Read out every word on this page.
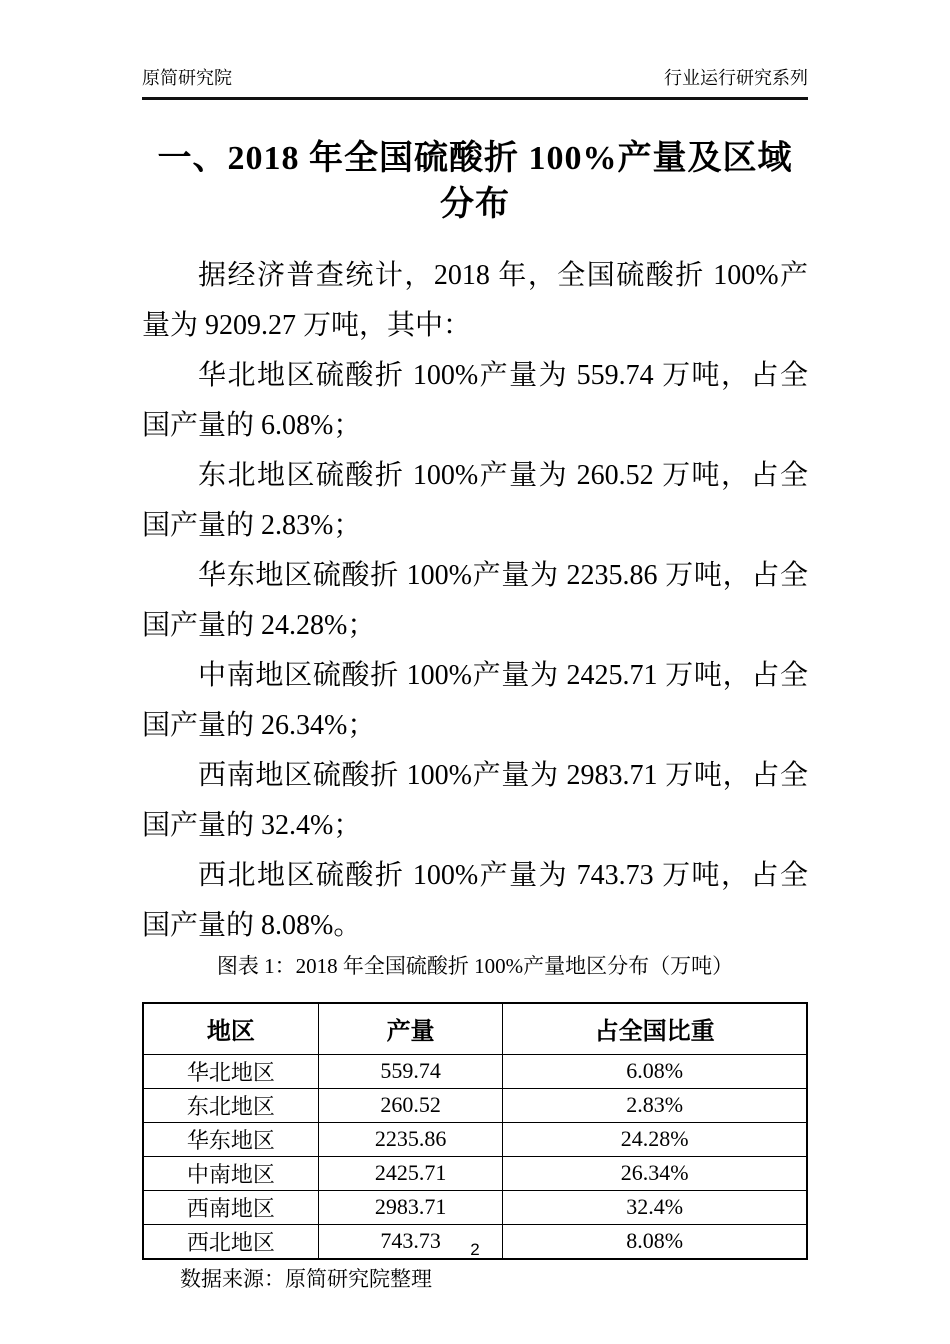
原简研究院	行业运行研究系列
一、2018 年全国硫酸折 100%产量及区域分布

据经济普查统计，2018 年，全国硫酸折 100%产量为 9209.27 万吨，其中：

华北地区硫酸折 100%产量为 559.74 万吨，占全国产量的 6.08%；

东北地区硫酸折 100%产量为 260.52 万吨，占全国产量的 2.83%；

华东地区硫酸折 100%产量为 2235.86 万吨，占全国产量的 24.28%；

中南地区硫酸折 100%产量为 2425.71 万吨，占全国产量的 26.34%；

西南地区硫酸折 100%产量为 2983.71 万吨，占全国产量的 32.4%；

西北地区硫酸折 100%产量为 743.73 万吨，占全国产量的 8.08%。

图表 1：2018 年全国硫酸折 100%产量地区分布（万吨）

地区	产量	占全国比重
华北地区	559.74	6.08%
东北地区	260.52	2.83%
华东地区	2235.86	24.28%
中南地区	2425.71	26.34%
西南地区	2983.71	32.4%
西北地区	743.73	8.08%

数据来源：原简研究院整理

2
